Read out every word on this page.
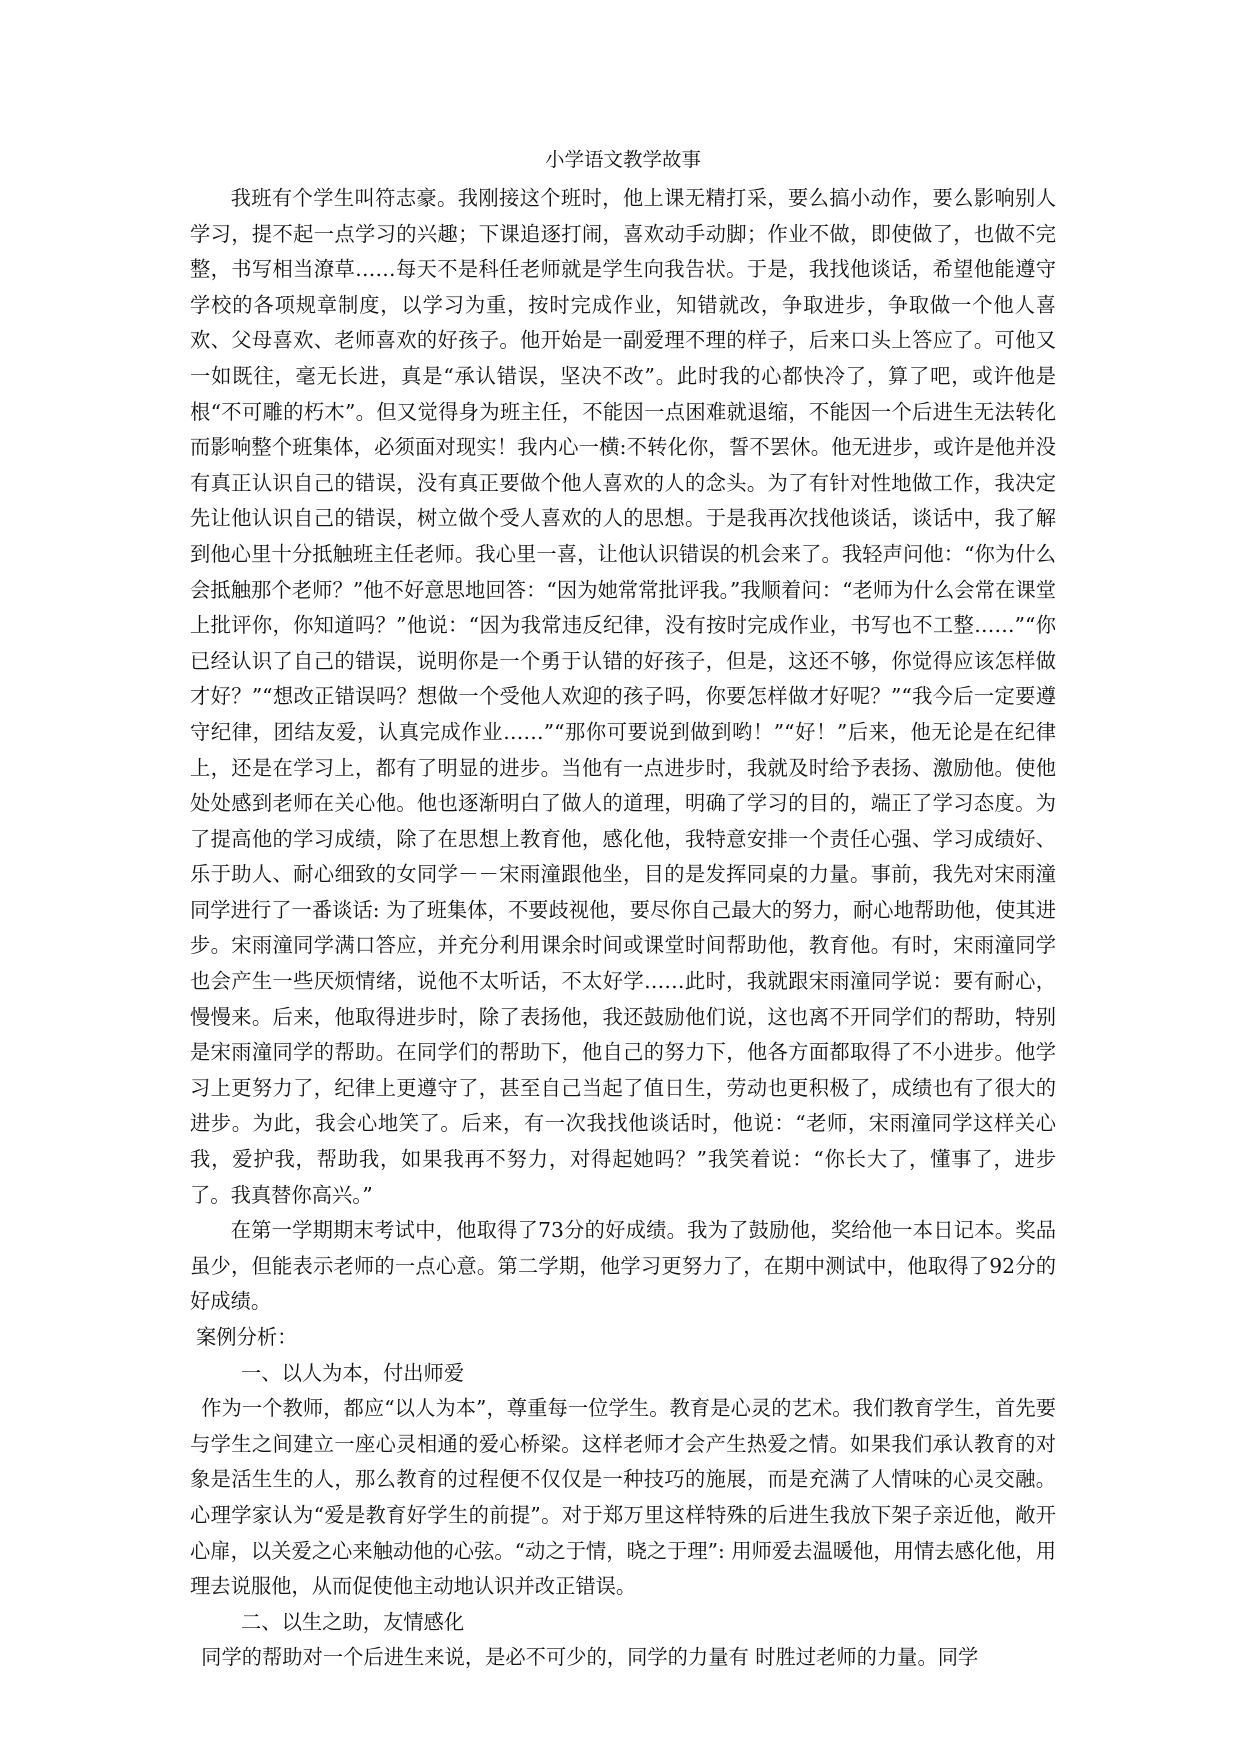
小学语文教学故事

我班有个学生叫符志豪。我刚接这个班时，他上课无精打采，要么搞小动作，要么影响别人学习，提不起一点学习的兴趣；下课追逐打闹，喜欢动手动脚；作业不做，即使做了，也做不完整，书写相当潦草……每天不是科任老师就是学生向我告状。于是，我找他谈话，希望他能遵守学校的各项规章制度，以学习为重，按时完成作业，知错就改，争取进步，争取做一个他人喜欢、父母喜欢、老师喜欢的好孩子。他开始是一副爱理不理的样子，后来口头上答应了。可他又一如既往，毫无长进，真是“承认错误，坚决不改”。此时我的心都快冷了，算了吧，或许他是根“不可雕的朽木”。但又觉得身为班主任，不能因一点困难就退缩，不能因一个后进生无法转化而影响整个班集体，必须面对现实！我内心一横:不转化你，誓不罢休。他无进步，或许是他并没有真正认识自己的错误，没有真正要做个他人喜欢的人的念头。为了有针对性地做工作，我决定先让他认识自己的错误，树立做个受人喜欢的人的思想。于是我再次找他谈话，谈话中，我了解到他心里十分抵触班主任老师。我心里一喜，让他认识错误的机会来了。我轻声问他：“你为什么会抵触那个老师？”他不好意思地回答：“因为她常常批评我。”我顺着问：“老师为什么会常在课堂上批评你，你知道吗？”他说：“因为我常违反纪律，没有按时完成作业，书写也不工整……”“你已经认识了自己的错误，说明你是一个勇于认错的好孩子，但是，这还不够，你觉得应该怎样做才好？”“想改正错误吗？想做一个受他人欢迎的孩子吗，你要怎样做才好呢？”“我今后一定要遵守纪律，团结友爱，认真完成作业……”“那你可要说到做到哟！”“好！”后来，他无论是在纪律上，还是在学习上，都有了明显的进步。当他有一点进步时，我就及时给予表扬、激励他。使他处处感到老师在关心他。他也逐渐明白了做人的道理，明确了学习的目的，端正了学习态度。为了提高他的学习成绩，除了在思想上教育他，感化他，我特意安排一个责任心强、学习成绩好、乐于助人、耐心细致的女同学－－宋雨潼跟他坐，目的是发挥同桌的力量。事前，我先对宋雨潼同学进行了一番谈话: 为了班集体，不要歧视他，要尽你自己最大的努力，耐心地帮助他，使其进步。宋雨潼同学满口答应，并充分利用课余时间或课堂时间帮助他，教育他。有时，宋雨潼同学也会产生一些厌烦情绪，说他不太听话，不太好学……此时，我就跟宋雨潼同学说：要有耐心，慢慢来。后来，他取得进步时，除了表扬他，我还鼓励他们说，这也离不开同学们的帮助，特别是宋雨潼同学的帮助。在同学们的帮助下，他自己的努力下，他各方面都取得了不小进步。他学习上更努力了，纪律上更遵守了，甚至自己当起了值日生，劳动也更积极了，成绩也有了很大的进步。为此，我会心地笑了。后来，有一次我找他谈话时，他说：“老师，宋雨潼同学这样关心我，爱护我，帮助我，如果我再不努力，对得起她吗？”我笑着说：“你长大了，懂事了，进步了。我真替你高兴。”

在第一学期期末考试中，他取得了73分的好成绩。我为了鼓励他，奖给他一本日记本。奖品虽少，但能表示老师的一点心意。第二学期，他学习更努力了，在期中测试中，他取得了92分的好成绩。

案例分析：
一、以人为本，付出师爱

作为一个教师，都应“以人为本”，尊重每一位学生。教育是心灵的艺术。我们教育学生，首先要与学生之间建立一座心灵相通的爱心桥梁。这样老师才会产生热爱之情。如果我们承认教育的对象是活生生的人，那么教育的过程便不仅仅是一种技巧的施展，而是充满了人情味的心灵交融。心理学家认为“爱是教育好学生的前提”。对于郑万里这样特殊的后进生我放下架子亲近他，敞开心扉，以关爱之心来触动他的心弦。“动之于情，晓之于理”: 用师爱去温暖他，用情去感化他，用理去说服他，从而促使他主动地认识并改正错误。

二、以生之助，友情感化

同学的帮助对一个后进生来说，是必不可少的，同学的力量有 时胜过老师的力量。同学
